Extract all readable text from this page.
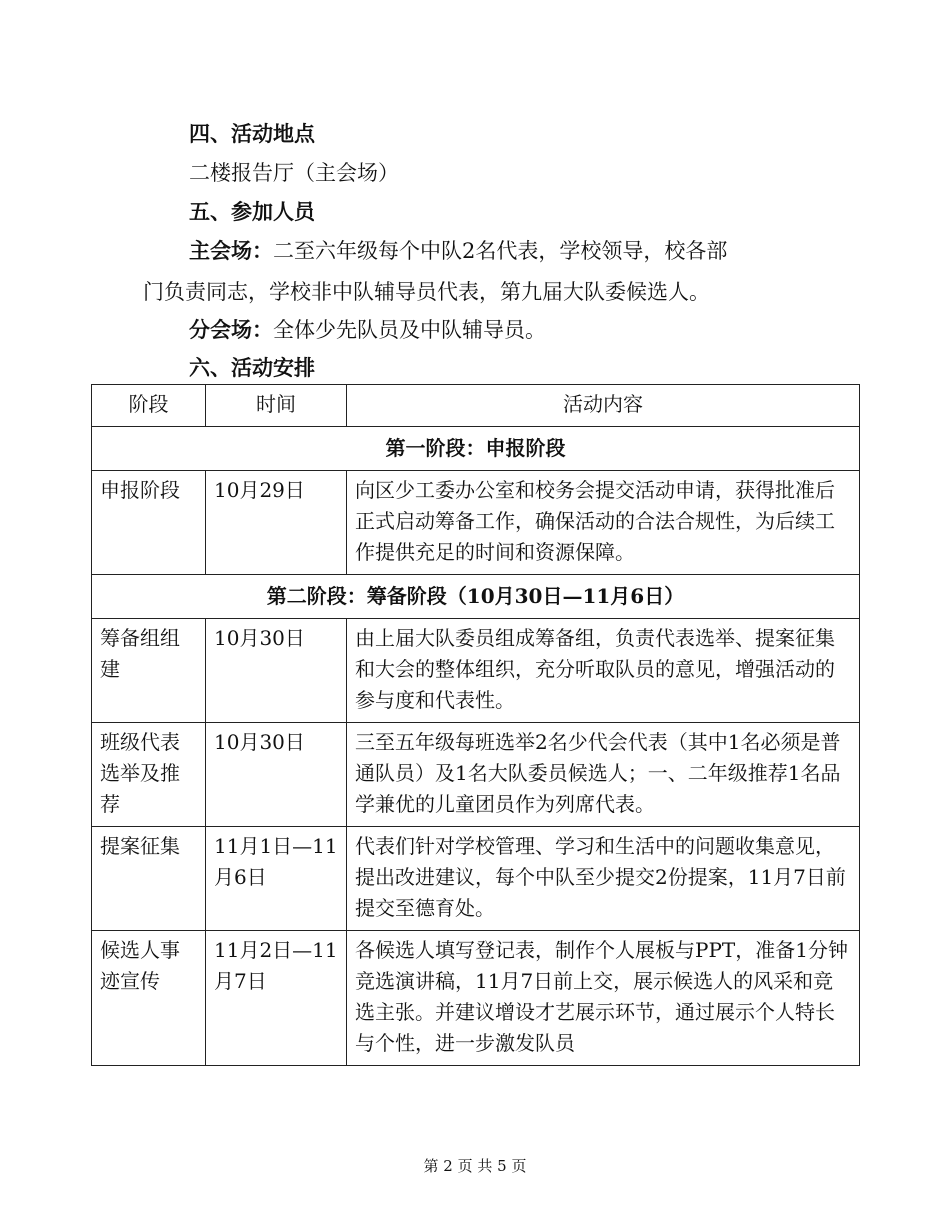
四、活动地点
二楼报告厅（主会场）
五、参加人员
主会场：二至六年级每个中队2名代表，学校领导，校各部
门负责同志，学校非中队辅导员代表，第九届大队委候选人。
分会场：全体少先队员及中队辅导员。
六、活动安排
阶段	时间	活动内容
第一阶段：申报阶段		
申报阶段	10月29日	向区少工委办公室和校务会提交活动申请，获得批准后正式启动筹备工作，确保活动的合法合规性，为后续工作提供充足的时间和资源保障。
第二阶段：筹备阶段（10月30日—11月6日）		
筹备组组建	10月30日	由上届大队委员组成筹备组，负责代表选举、提案征集和大会的整体组织，充分听取队员的意见，增强活动的参与度和代表性。
班级代表选举及推荐	10月30日	三至五年级每班选举2名少代会代表（其中1名必须是普通队员）及1名大队委员候选人；一、二年级推荐1名品学兼优的儿童团员作为列席代表。
提案征集	11月1日—11月6日	代表们针对学校管理、学习和生活中的问题收集意见，提出改进建议，每个中队至少提交2份提案，11月7日前提交至德育处。
候选人事迹宣传	11月2日—11月7日	各候选人填写登记表，制作个人展板与PPT，准备1分钟竞选演讲稿，11月7日前上交，展示候选人的风采和竞选主张。并建议增设才艺展示环节，通过展示个人特长与个性，进一步激发队员
第 2 页 共 5 页
